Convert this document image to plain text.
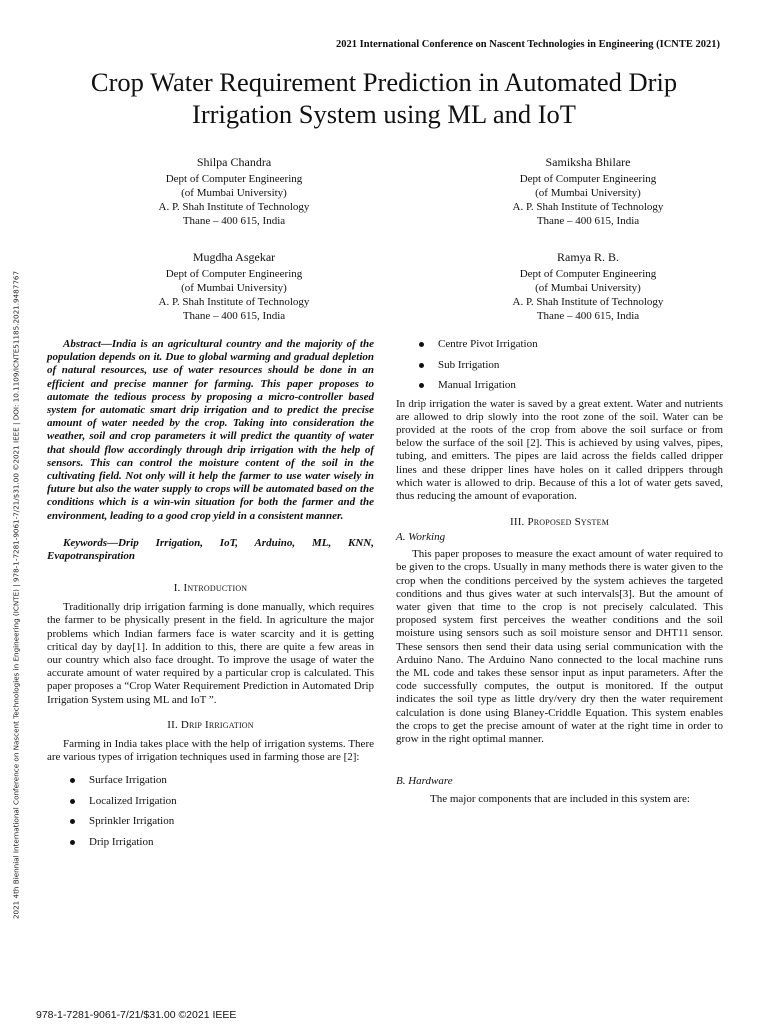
2021 International Conference on Nascent Technologies in Engineering (ICNTE 2021)
Crop Water Requirement Prediction in Automated Drip Irrigation System using ML and IoT
Shilpa Chandra
Dept of Computer Engineering
(of Mumbai University)
A. P. Shah Institute of Technology
Thane – 400 615, India
Samiksha Bhilare
Dept of Computer Engineering
(of Mumbai University)
A. P. Shah Institute of Technology
Thane – 400 615, India
Mugdha Asgekar
Dept of Computer Engineering
(of Mumbai University)
A. P. Shah Institute of Technology
Thane – 400 615, India
Ramya R. B.
Dept of Computer Engineering
(of Mumbai University)
A. P. Shah Institute of Technology
Thane – 400 615, India
2021 4th Biennial International Conference on Nascent Technologies in Engineering (ICNTE) | 978-1-7281-9061-7/21/$31.00 ©2021 IEEE | DOI: 10.1109/ICNTE51185.2021.9487767	Abstract—India is an agricultural country and the majority of the population depends on it. Due to global warming and gradual depletion of natural resources, use of water resources should be done in an efficient and precise manner for farming. This paper proposes to automate the tedious process by proposing a micro-controller based system for automatic smart drip irrigation and to predict the precise amount of water needed by the crop. Taking into consideration the weather, soil and crop parameters it will predict the quantity of water that should flow accordingly through drip irrigation with the help of sensors. This can control the moisture content of the soil in the cultivating field. Not only will it help the farmer to use water wisely in future but also the water supply to crops will be automated based on the conditions which is a win-win situation for both the farmer and the environment, leading to a good crop yield in a consistent manner.

Keywords—Drip Irrigation, IoT, Arduino, ML, KNN, Evapotranspiration

I. Introduction

Traditionally drip irrigation farming is done manually, which requires the farmer to be physically present in the field. In agriculture the major problems which Indian farmers face is water scarcity and it is getting critical day by day[1]. In addition to this, there are quite a few areas in our country which also face drought. To improve the usage of water the accurate amount of water required by a particular crop is calculated. This paper proposes a “Crop Water Requirement Prediction in Automated Drip Irrigation System using ML and IoT ”.

II. Drip Irrigation

Farming in India takes place with the help of irrigation systems. There are various types of irrigation techniques used in farming those are [2]:

Surface Irrigation
Localized Irrigation
Sprinkler Irrigation
Drip Irrigation
Centre Pivot Irrigation
Sub Irrigation
Manual Irrigation

In drip irrigation the water is saved by a great extent. Water and nutrients are allowed to drip slowly into the root zone of the soil. Water can be provided at the roots of the crop from above the soil surface or from below the surface of the soil [2]. This is achieved by using valves, pipes, tubing, and emitters. The pipes are laid across the fields called dripper lines and these dripper lines have holes on it called drippers through which water is allowed to drip. Because of this a lot of water gets saved, thus reducing the amount of evaporation.

III. Proposed System
A. Working

This paper proposes to measure the exact amount of water required to be given to the crops. Usually in many methods there is water given to the crop when the conditions perceived by the system achieves the targeted conditions and thus gives water at such intervals[3]. But the amount of water given that time to the crop is not precisely calculated. This proposed system first perceives the weather conditions and the soil moisture using sensors such as soil moisture sensor and DHT11 sensor. These sensors then send their data using serial communication with the Arduino Nano. The Arduino Nano connected to the local machine runs the ML code and takes these sensor input as input parameters. After the code successfully computes, the output is monitored. If the output indicates the soil type as little dry/very dry then the water requirement calculation is done using Blaney-Criddle Equation. This system enables the crops to get the precise amount of water at the right time in order to grow in the right optimal manner.

B. Hardware

The major components that are included in this system are:

978-1-7281-9061-7/21/$31.00 ©2021 IEEE
